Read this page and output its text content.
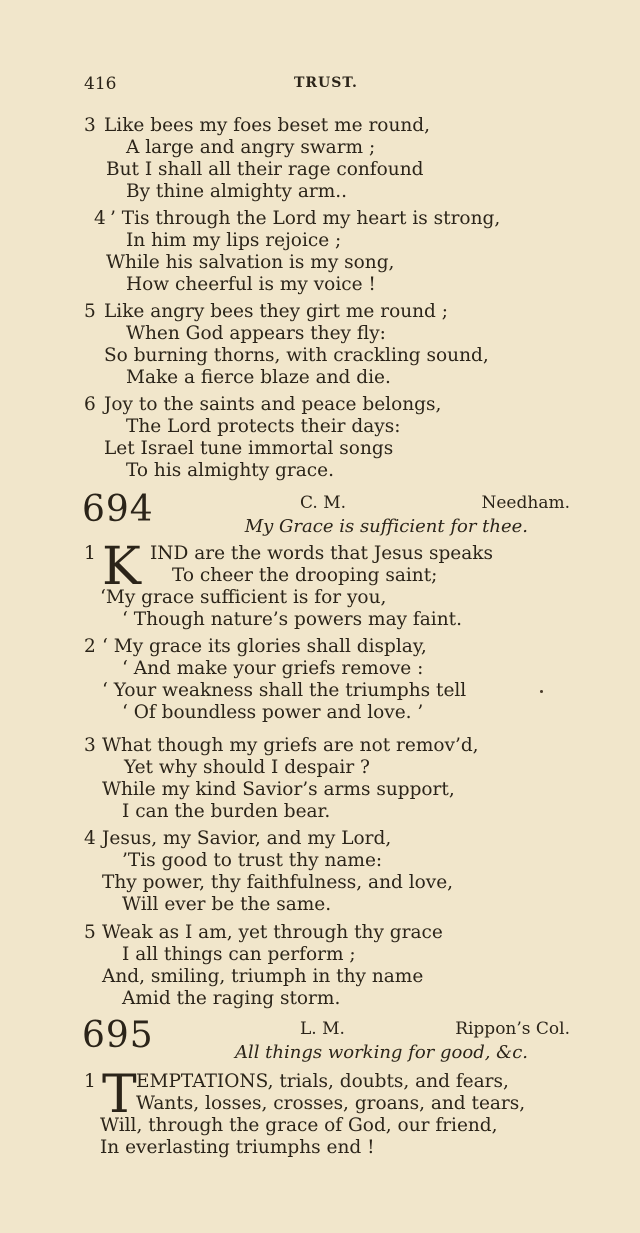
416	TRUST.
3 Like bees my foes beset me round,
A large and angry swarm ;
But I shall all their rage confound
By thine almighty arm..
4 ’ Tis through the Lord my heart is strong,
In him my lips rejoice ;
While his salvation is my song,
How cheerful is my voice !
5 Like angry bees they girt me round ;
When God appears they fly:
So burning thorns, with crackling sound,
Make a fierce blaze and die.
6 Joy to the saints and peace belongs,
The Lord protects their days:
Let Israel tune immortal songs
To his almighty grace.
694	C. M.	Needham.
My Grace is sufficient for thee.
K
1	IND are the words that Jesus speaks
To cheer the drooping saint;
‘My grace sufficient is for you,
‘ Though nature’s powers may faint.
2 ‘ My grace its glories shall display,
‘ And make your griefs remove :
‘ Your weakness shall the triumphs tell
‘ Of boundless power and love. ’
3 What though my griefs are not remov’d,
Yet why should I despair ?
While my kind Savior’s arms support,
I can the burden bear.
4 Jesus, my Savior, and my Lord,
’Tis good to trust thy name:
Thy power, thy faithfulness, and love,
Will ever be the same.
5 Weak as I am, yet through thy grace
I all things can perform ;
And, smiling, triumph in thy name
Amid the raging storm.
695	L. M.	Rippon’s Col.
All things working for good, &c.
T
1 EMPTATIONS, trials, doubts, and fears,
Wants, losses, crosses, groans, and tears,
Will, through the grace of God, our friend,
In everlasting triumphs end !
